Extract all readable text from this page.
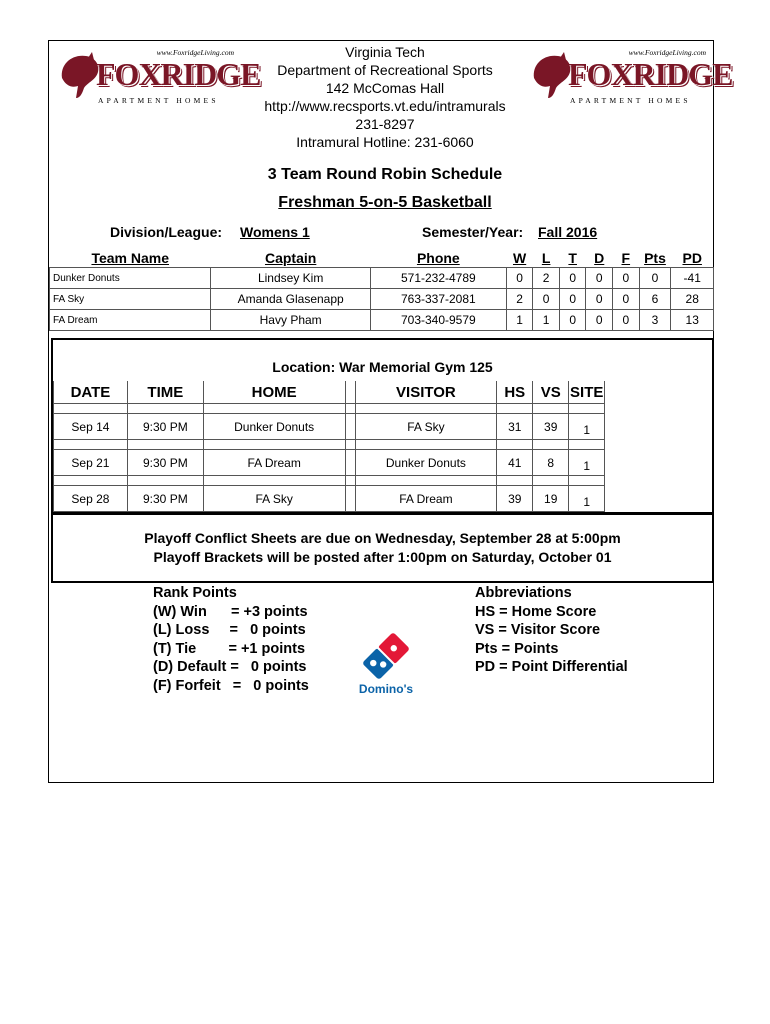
www.FoxridgeLiving.com
FOXRIDGE
APARTMENT HOMES
www.FoxridgeLiving.com
FOXRIDGE
APARTMENT HOMES
Virginia Tech
Department of Recreational Sports
142 McComas Hall
http://www.recsports.vt.edu/intramurals
231-8297
Intramural Hotline: 231-6060
3 Team Round Robin Schedule
Freshman 5-on-5 Basketball
Division/League: Womens 1	Semester/Year: Fall 2016
Team Name	Captain	Phone	W	L	T	D	F	Pts	PD
Dunker Donuts	Lindsey Kim	571-232-4789	0	2	0	0	0	0	-41
FA Sky	Amanda Glasenapp	763-337-2081	2	0	0	0	0	6	28
FA Dream	Havy Pham	703-340-9579	1	1	0	0	0	3	13
Location: War Memorial Gym 125
DATE	TIME	HOME		VISITOR	HS	VS	SITE	

Sep 14	9:30 PM	Dunker Donuts		FA Sky	31	39	1	

Sep 21	9:30 PM	FA Dream		Dunker Donuts	41	8	1	

Sep 28	9:30 PM	FA Sky		FA Dream	39	19	1	
Playoff Conflict Sheets are due on Wednesday, September 28 at 5:00pm
Playoff Brackets will be posted after 1:00pm on Saturday, October 01
Rank Points
(W) Win      = +3 points
(L) Loss     =   0 points
(T) Tie        = +1 points
(D) Default =   0 points
(F) Forfeit   =   0 points
Abbreviations
HS = Home Score
VS = Visitor Score
Pts = Points
PD = Point Differential
Domino's
